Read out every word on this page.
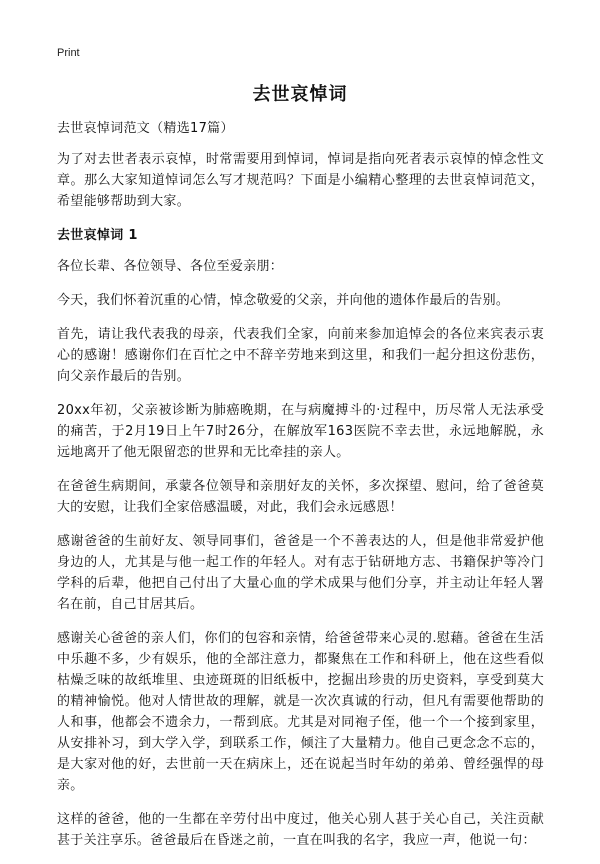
Print
去世哀悼词

去世哀悼词范文（精选17篇）

为了对去世者表示哀悼，时常需要用到悼词，悼词是指向死者表示哀悼的悼念性文章。那么大家知道悼词怎么写才规范吗？下面是小编精心整理的去世哀悼词范文，希望能够帮助到大家。

去世哀悼词 1

各位长辈、各位领导、各位至爱亲朋：

今天，我们怀着沉重的心情，悼念敬爱的父亲，并向他的遗体作最后的告别。

首先，请让我代表我的母亲，代表我们全家，向前来参加追悼会的各位来宾表示衷心的感谢！感谢你们在百忙之中不辞辛劳地来到这里，和我们一起分担这份悲伤，向父亲作最后的告别。

20xx年初，父亲被诊断为肺癌晚期，在与病魔搏斗的·过程中，历尽常人无法承受的痛苦，于2月19日上午7时26分，在解放军163医院不幸去世，永远地解脱，永远地离开了他无限留恋的世界和无比牵挂的亲人。

在爸爸生病期间，承蒙各位领导和亲朋好友的关怀，多次探望、慰问，给了爸爸莫大的安慰，让我们全家倍感温暖，对此，我们会永远感恩！

感谢爸爸的生前好友、领导同事们，爸爸是一个不善表达的人，但是他非常爱护他身边的人，尤其是与他一起工作的年轻人。对有志于钻研地方志、书籍保护等冷门学科的后辈，他把自己付出了大量心血的学术成果与他们分享，并主动让年轻人署名在前，自己甘居其后。

感谢关心爸爸的亲人们，你们的包容和亲情，给爸爸带来心灵的.慰藉。爸爸在生活中乐趣不多，少有娱乐，他的全部注意力，都聚焦在工作和科研上，他在这些看似枯燥乏味的故纸堆里、虫迹斑斑的旧纸板中，挖掘出珍贵的历史资料，享受到莫大的精神愉悦。他对人情世故的理解，就是一次次真诚的行动，但凡有需要他帮助的人和事，他都会不遗余力，一帮到底。尤其是对同袍子侄，他一个一个接到家里，从安排补习，到大学入学，到联系工作，倾注了大量精力。他自己更念念不忘的，是大家对他的好，去世前一天在病床上，还在说起当时年幼的弟弟、曾经强悍的母亲。

这样的爸爸，他的一生都在辛劳付出中度过，他关心别人甚于关心自己，关注贡献甚于关注享乐。爸爸最后在昏迷之前，一直在叫我的名字，我应一声，他说一句：
